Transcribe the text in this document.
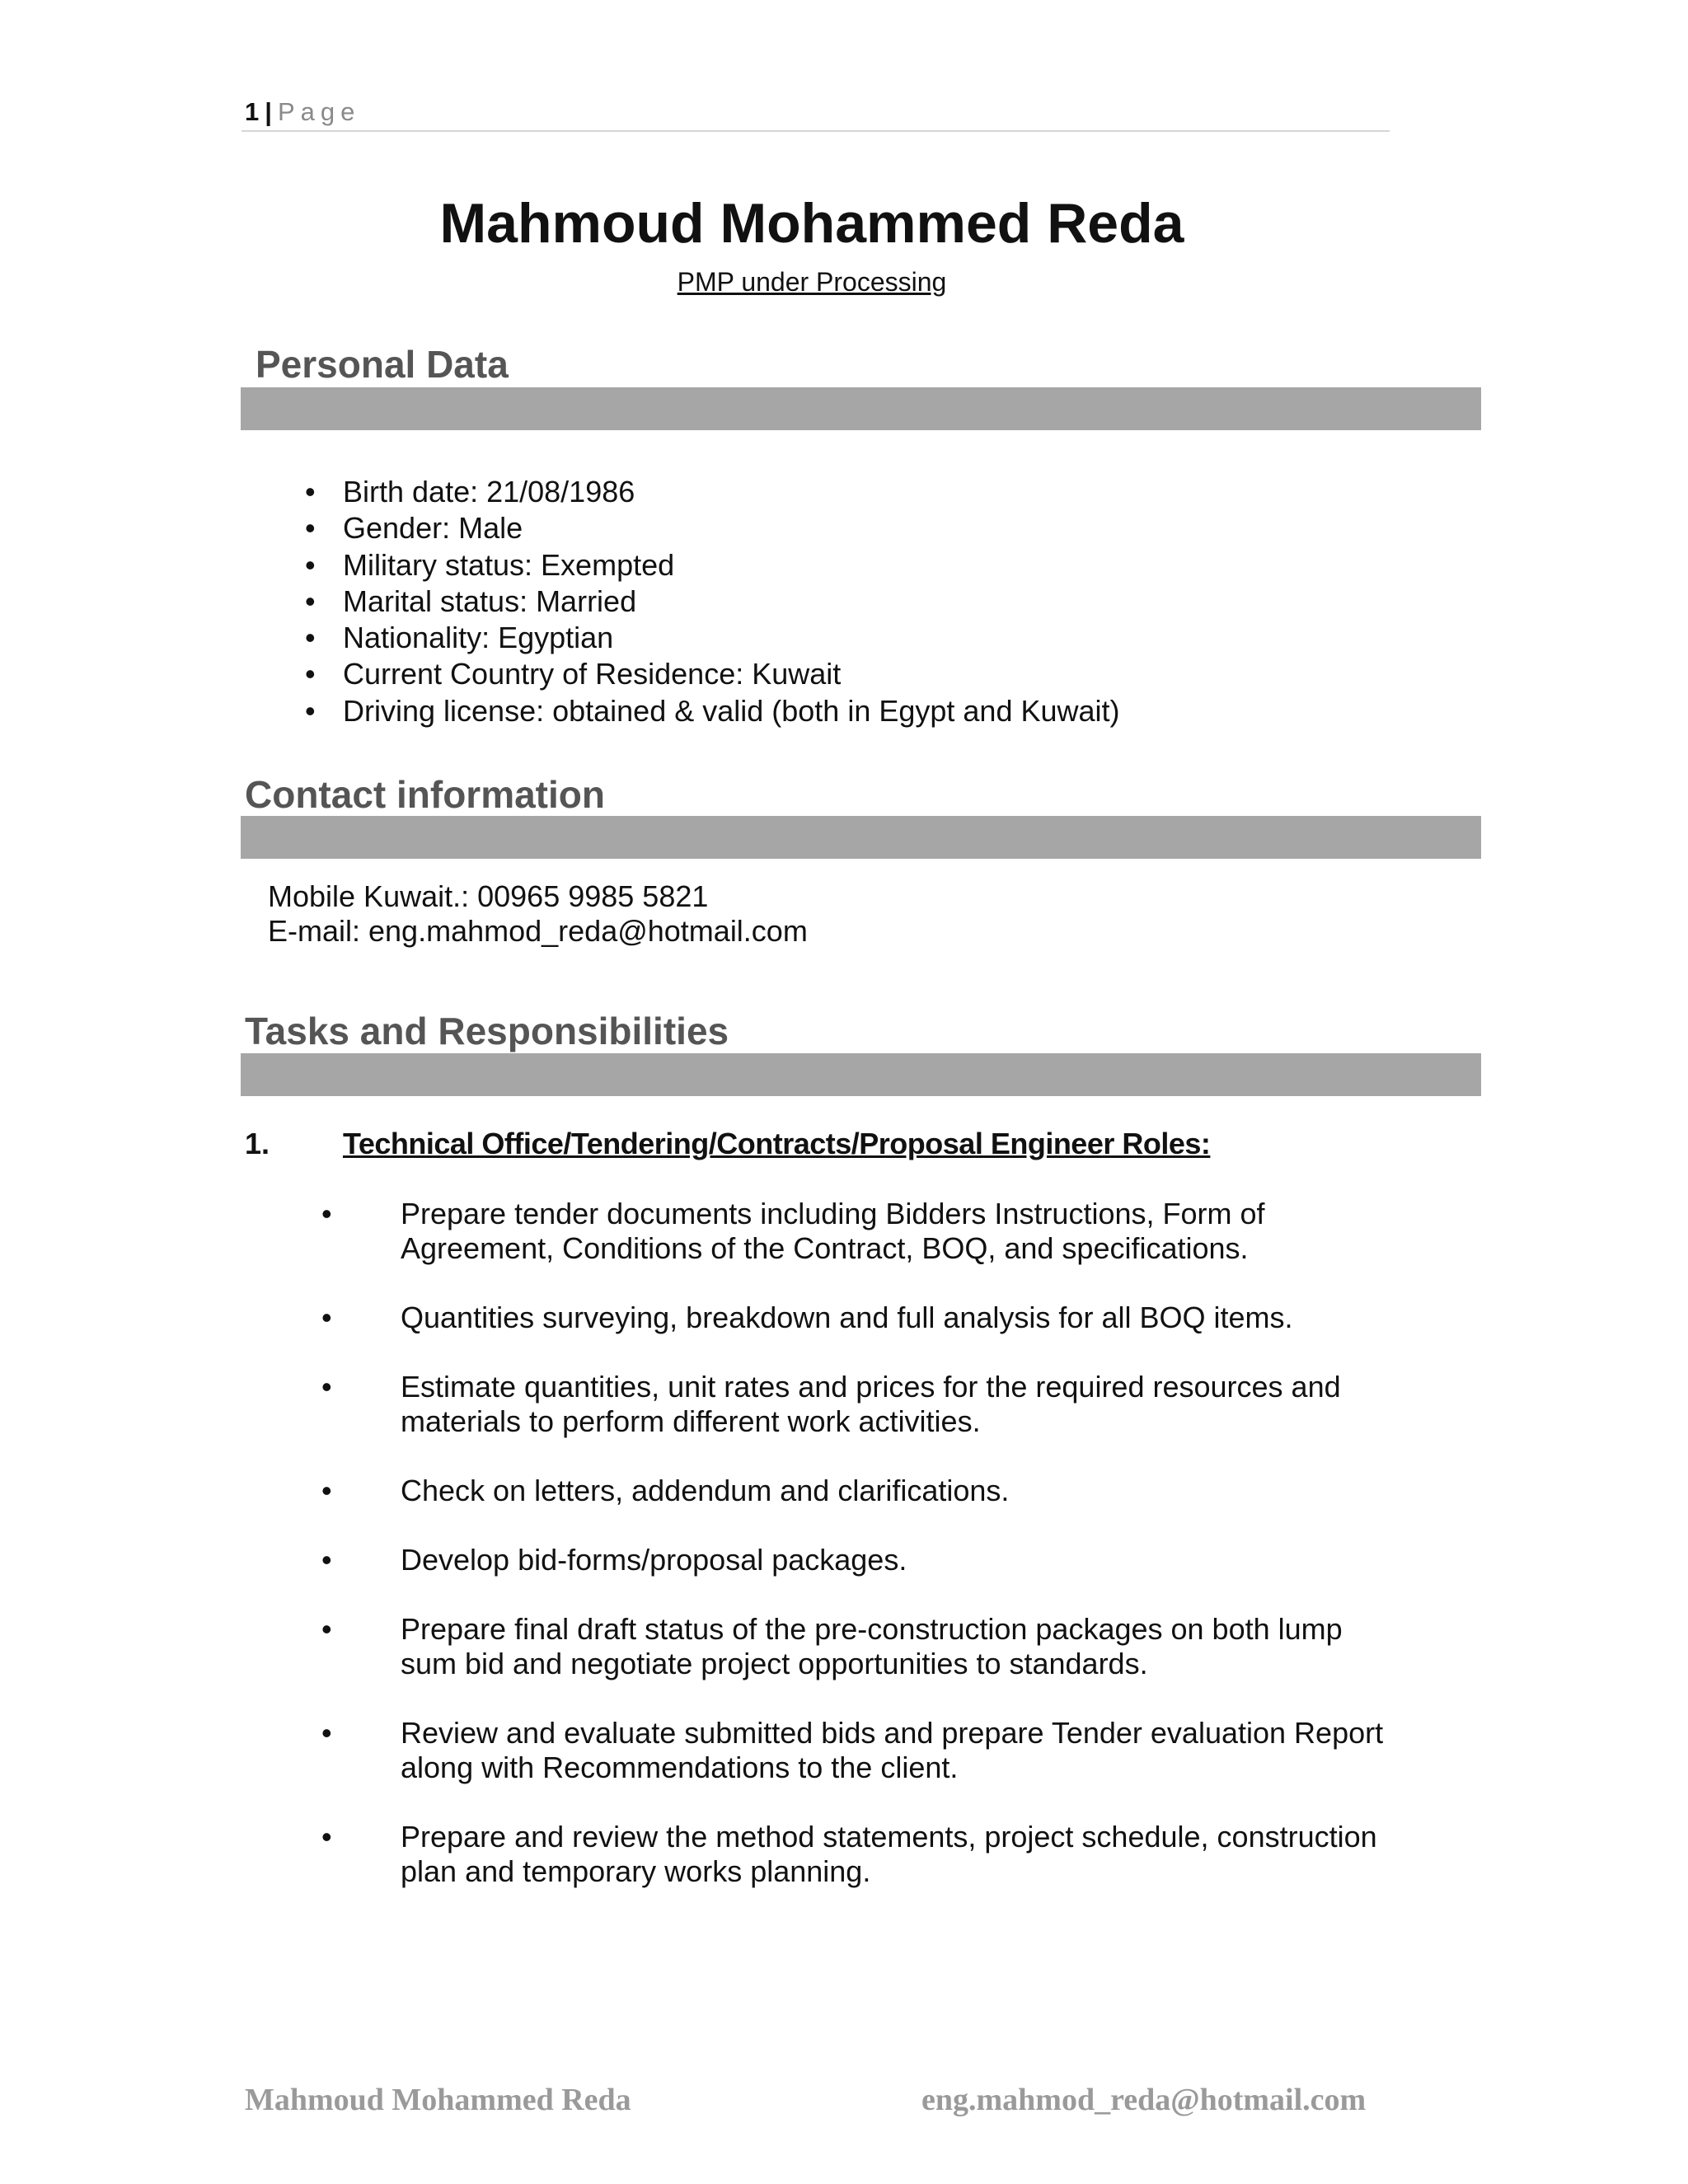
1 | Page
Mahmoud Mohammed Reda
PMP under Processing
Personal Data
• Birth date: 21/08/1986
• Gender: Male
• Military status: Exempted
• Marital status: Married
• Nationality: Egyptian
• Current Country of Residence: Kuwait
• Driving license: obtained & valid (both in Egypt and Kuwait)
Contact information
Mobile Kuwait.: 00965 9985 5821
E-mail: eng.mahmod_reda@hotmail.com
Tasks and Responsibilities
1. Technical Office/Tendering/Contracts/Proposal Engineer Roles:
• Prepare tender documents including Bidders Instructions, Form of Agreement, Conditions of the Contract, BOQ, and specifications.
• Quantities surveying, breakdown and full analysis for all BOQ items.
• Estimate quantities, unit rates and prices for the required resources and materials to perform different work activities.
• Check on letters, addendum and clarifications.
• Develop bid-forms/proposal packages.
• Prepare final draft status of the pre-construction packages on both lump sum bid and negotiate project opportunities to standards.
• Review and evaluate submitted bids and prepare Tender evaluation Report along with Recommendations to the client.
• Prepare and review the method statements, project schedule, construction plan and temporary works planning.
Mahmoud Mohammed Reda	eng.mahmod_reda@hotmail.com
